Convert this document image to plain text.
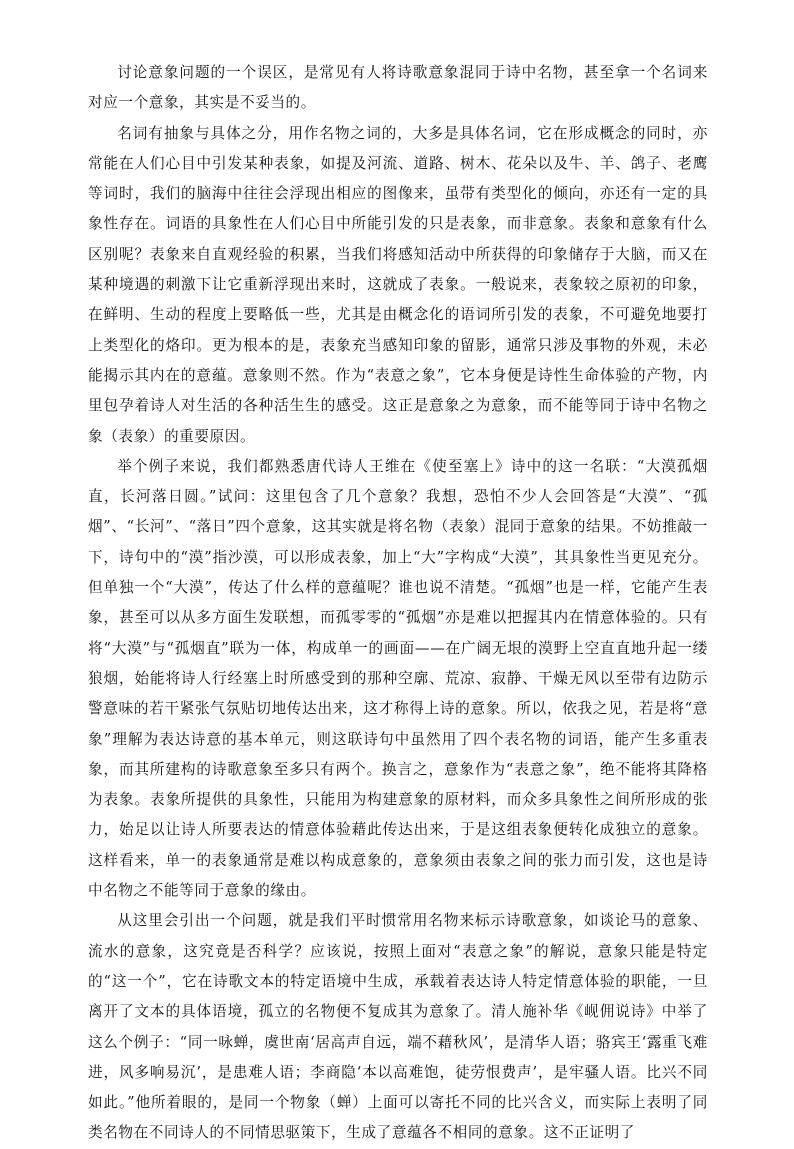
讨论意象问题的一个误区，是常见有人将诗歌意象混同于诗中名物，甚至拿一个名词来对应一个意象，其实是不妥当的。

名词有抽象与具体之分，用作名物之词的，大多是具体名词，它在形成概念的同时，亦常能在人们心目中引发某种表象，如提及河流、道路、树木、花朵以及牛、羊、鸽子、老鹰等词时，我们的脑海中往往会浮现出相应的图像来，虽带有类型化的倾向，亦还有一定的具象性存在。词语的具象性在人们心目中所能引发的只是表象，而非意象。表象和意象有什么区别呢？表象来自直观经验的积累，当我们将感知活动中所获得的印象储存于大脑，而又在某种境遇的刺激下让它重新浮现出来时，这就成了表象。一般说来，表象较之原初的印象，在鲜明、生动的程度上要略低一些，尤其是由概念化的语词所引发的表象，不可避免地要打上类型化的烙印。更为根本的是，表象充当感知印象的留影，通常只涉及事物的外观，未必能揭示其内在的意蕴。意象则不然。作为“表意之象”，它本身便是诗性生命体验的产物，内里包孕着诗人对生活的各种活生生的感受。这正是意象之为意象，而不能等同于诗中名物之象（表象）的重要原因。

举个例子来说，我们都熟悉唐代诗人王维在《使至塞上》诗中的这一名联：“大漠孤烟直，长河落日圆。”试问：这里包含了几个意象？我想，恐怕不少人会回答是“大漠”、“孤烟”、“长河”、“落日”四个意象，这其实就是将名物（表象）混同于意象的结果。不妨推敲一下，诗句中的“漠”指沙漠，可以形成表象，加上“大”字构成“大漠”，其具象性当更见充分。但单独一个“大漠”，传达了什么样的意蕴呢？谁也说不清楚。“孤烟”也是一样，它能产生表象，甚至可以从多方面生发联想，而孤零零的“孤烟”亦是难以把握其内在情意体验的。只有将“大漠”与“孤烟直”联为一体，构成单一的画面——在广阔无垠的漠野上空直直地升起一缕狼烟，始能将诗人行经塞上时所感受到的那种空廓、荒凉、寂静、干燥无风以至带有边防示警意味的若干紧张气氛贴切地传达出来，这才称得上诗的意象。所以，依我之见，若是将“意象”理解为表达诗意的基本单元，则这联诗句中虽然用了四个表名物的词语，能产生多重表象，而其所建构的诗歌意象至多只有两个。换言之，意象作为“表意之象”，绝不能将其降格为表象。表象所提供的具象性，只能用为构建意象的原材料，而众多具象性之间所形成的张力，始足以让诗人所要表达的情意体验藉此传达出来，于是这组表象便转化成独立的意象。这样看来，单一的表象通常是难以构成意象的，意象须由表象之间的张力而引发，这也是诗中名物之不能等同于意象的缘由。

从这里会引出一个问题，就是我们平时惯常用名物来标示诗歌意象，如谈论马的意象、流水的意象，这究竟是否科学？应该说，按照上面对“表意之象”的解说，意象只能是特定的“这一个”，它在诗歌文本的特定语境中生成，承载着表达诗人特定情意体验的职能，一旦离开了文本的具体语境，孤立的名物便不复成其为意象了。清人施补华《岘佣说诗》中举了这么个例子：“同一咏蝉，虞世南‘居高声自远，端不藉秋风’，是清华人语；骆宾王‘露重飞难进，风多响易沉’，是患难人语；李商隐‘本以高难饱，徒劳恨费声’，是牢骚人语。比兴不同如此。”他所着眼的，是同一个物象（蝉）上面可以寄托不同的比兴含义，而实际上表明了同类名物在不同诗人的不同情思驱策下，生成了意蕴各不相同的意象。这不正证明了
